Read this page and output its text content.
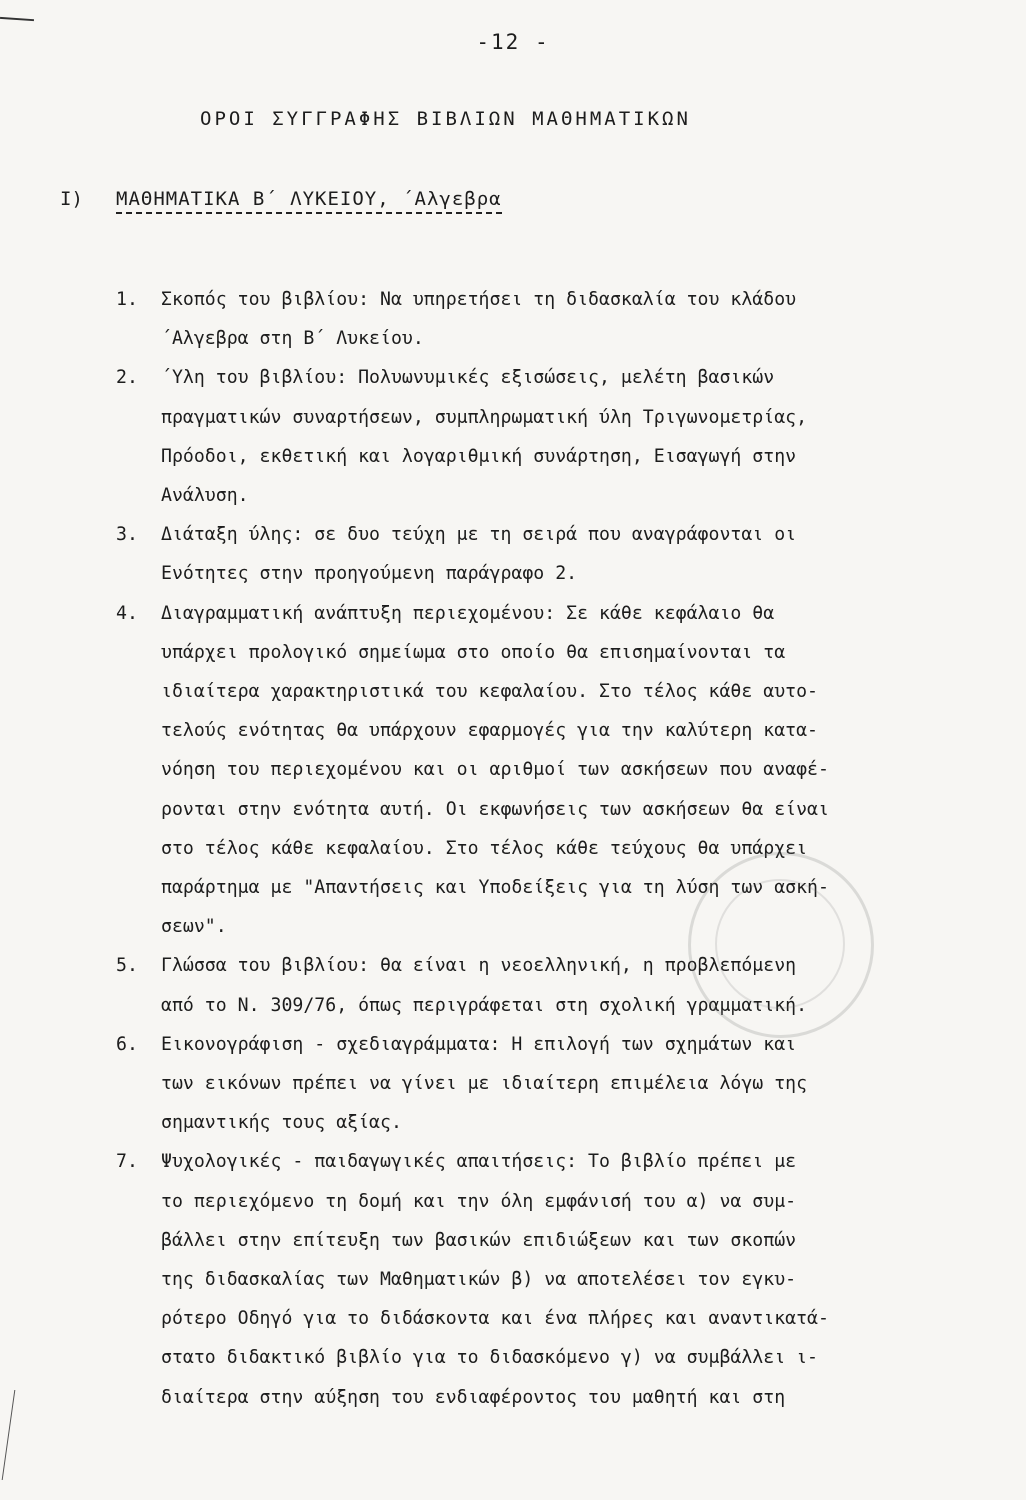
-12 -
ΟΡΟΙ ΣΥΓΓΡΑΦΗΣ ΒΙΒΛΙΩΝ ΜΑΘΗΜΑΤΙΚΩΝ
I) ΜΑΘΗΜΑΤΙΚΑ Β΄ ΛΥΚΕΙΟΥ, ΄Αλγεβρα
1. Σκοπός του βιβλίου: Να υπηρετήσει τη διδασκαλία του κλάδου
΄Αλγεβρα στη Β΄ Λυκείου.
2. ΄Υλη του βιβλίου: Πολυωνυμικές εξισώσεις, μελέτη βασικών
πραγματικών συναρτήσεων, συμπληρωματική ύλη Τριγωνομετρίας,
Πρόοδοι, εκθετική και λογαριθμική συνάρτηση, Εισαγωγή στην
Ανάλυση.
3. Διάταξη ύλης: σε δυο τεύχη με τη σειρά που αναγράφονται οι
Ενότητες στην προηγούμενη παράγραφο 2.
4. Διαγραμματική ανάπτυξη περιεχομένου: Σε κάθε κεφάλαιο θα
υπάρχει προλογικό σημείωμα στο οποίο θα επισημαίνονται τα
ιδιαίτερα χαρακτηριστικά του κεφαλαίου. Στο τέλος κάθε αυτο-
τελούς ενότητας θα υπάρχουν εφαρμογές για την καλύτερη κατα-
νόηση του περιεχομένου και οι αριθμοί των ασκήσεων που αναφέ-
ρονται στην ενότητα αυτή. Οι εκφωνήσεις των ασκήσεων θα είναι
στο τέλος κάθε κεφαλαίου. Στο τέλος κάθε τεύχους θα υπάρχει
παράρτημα με "Απαντήσεις και Υποδείξεις για τη λύση των ασκή-
σεων".
5. Γλώσσα του βιβλίου: θα είναι η νεοελληνική, η προβλεπόμενη
από το Ν. 309/76, όπως περιγράφεται στη σχολική γραμματική.
6. Εικονογράφιση - σχεδιαγράμματα: Η επιλογή των σχημάτων και
των εικόνων πρέπει να γίνει με ιδιαίτερη επιμέλεια λόγω της
σημαντικής τους αξίας.
7. Ψυχολογικές - παιδαγωγικές απαιτήσεις: Το βιβλίο πρέπει με
το περιεχόμενο τη δομή και την όλη εμφάνισή του α) να συμ-
βάλλει στην επίτευξη των βασικών επιδιώξεων και των σκοπών
της διδασκαλίας των Μαθηματικών β) να αποτελέσει τον εγκυ-
ρότερο Οδηγό για το διδάσκοντα και ένα πλήρες και αναντικατά-
στατο διδακτικό βιβλίο για το διδασκόμενο γ) να συμβάλλει ι-
διαίτερα στην αύξηση του ενδιαφέροντος του μαθητή και στη
